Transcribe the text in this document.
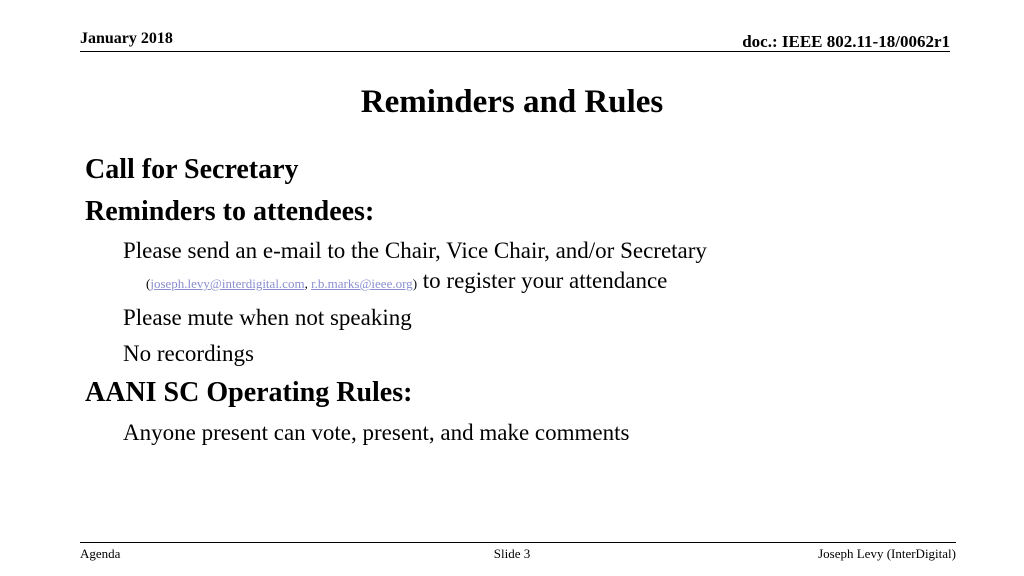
January 2018	doc.: IEEE 802.11-18/0062r1
Reminders and Rules
Call for Secretary
Reminders to attendees:
Please send an e-mail to the Chair, Vice Chair, and/or Secretary
(joseph.levy@interdigital.com, r.b.marks@ieee.org) to register your attendance
Please mute when not speaking
No recordings
AANI SC Operating Rules:
Anyone present can vote, present, and make comments
Agenda	Slide 3	Joseph Levy (InterDigital)
